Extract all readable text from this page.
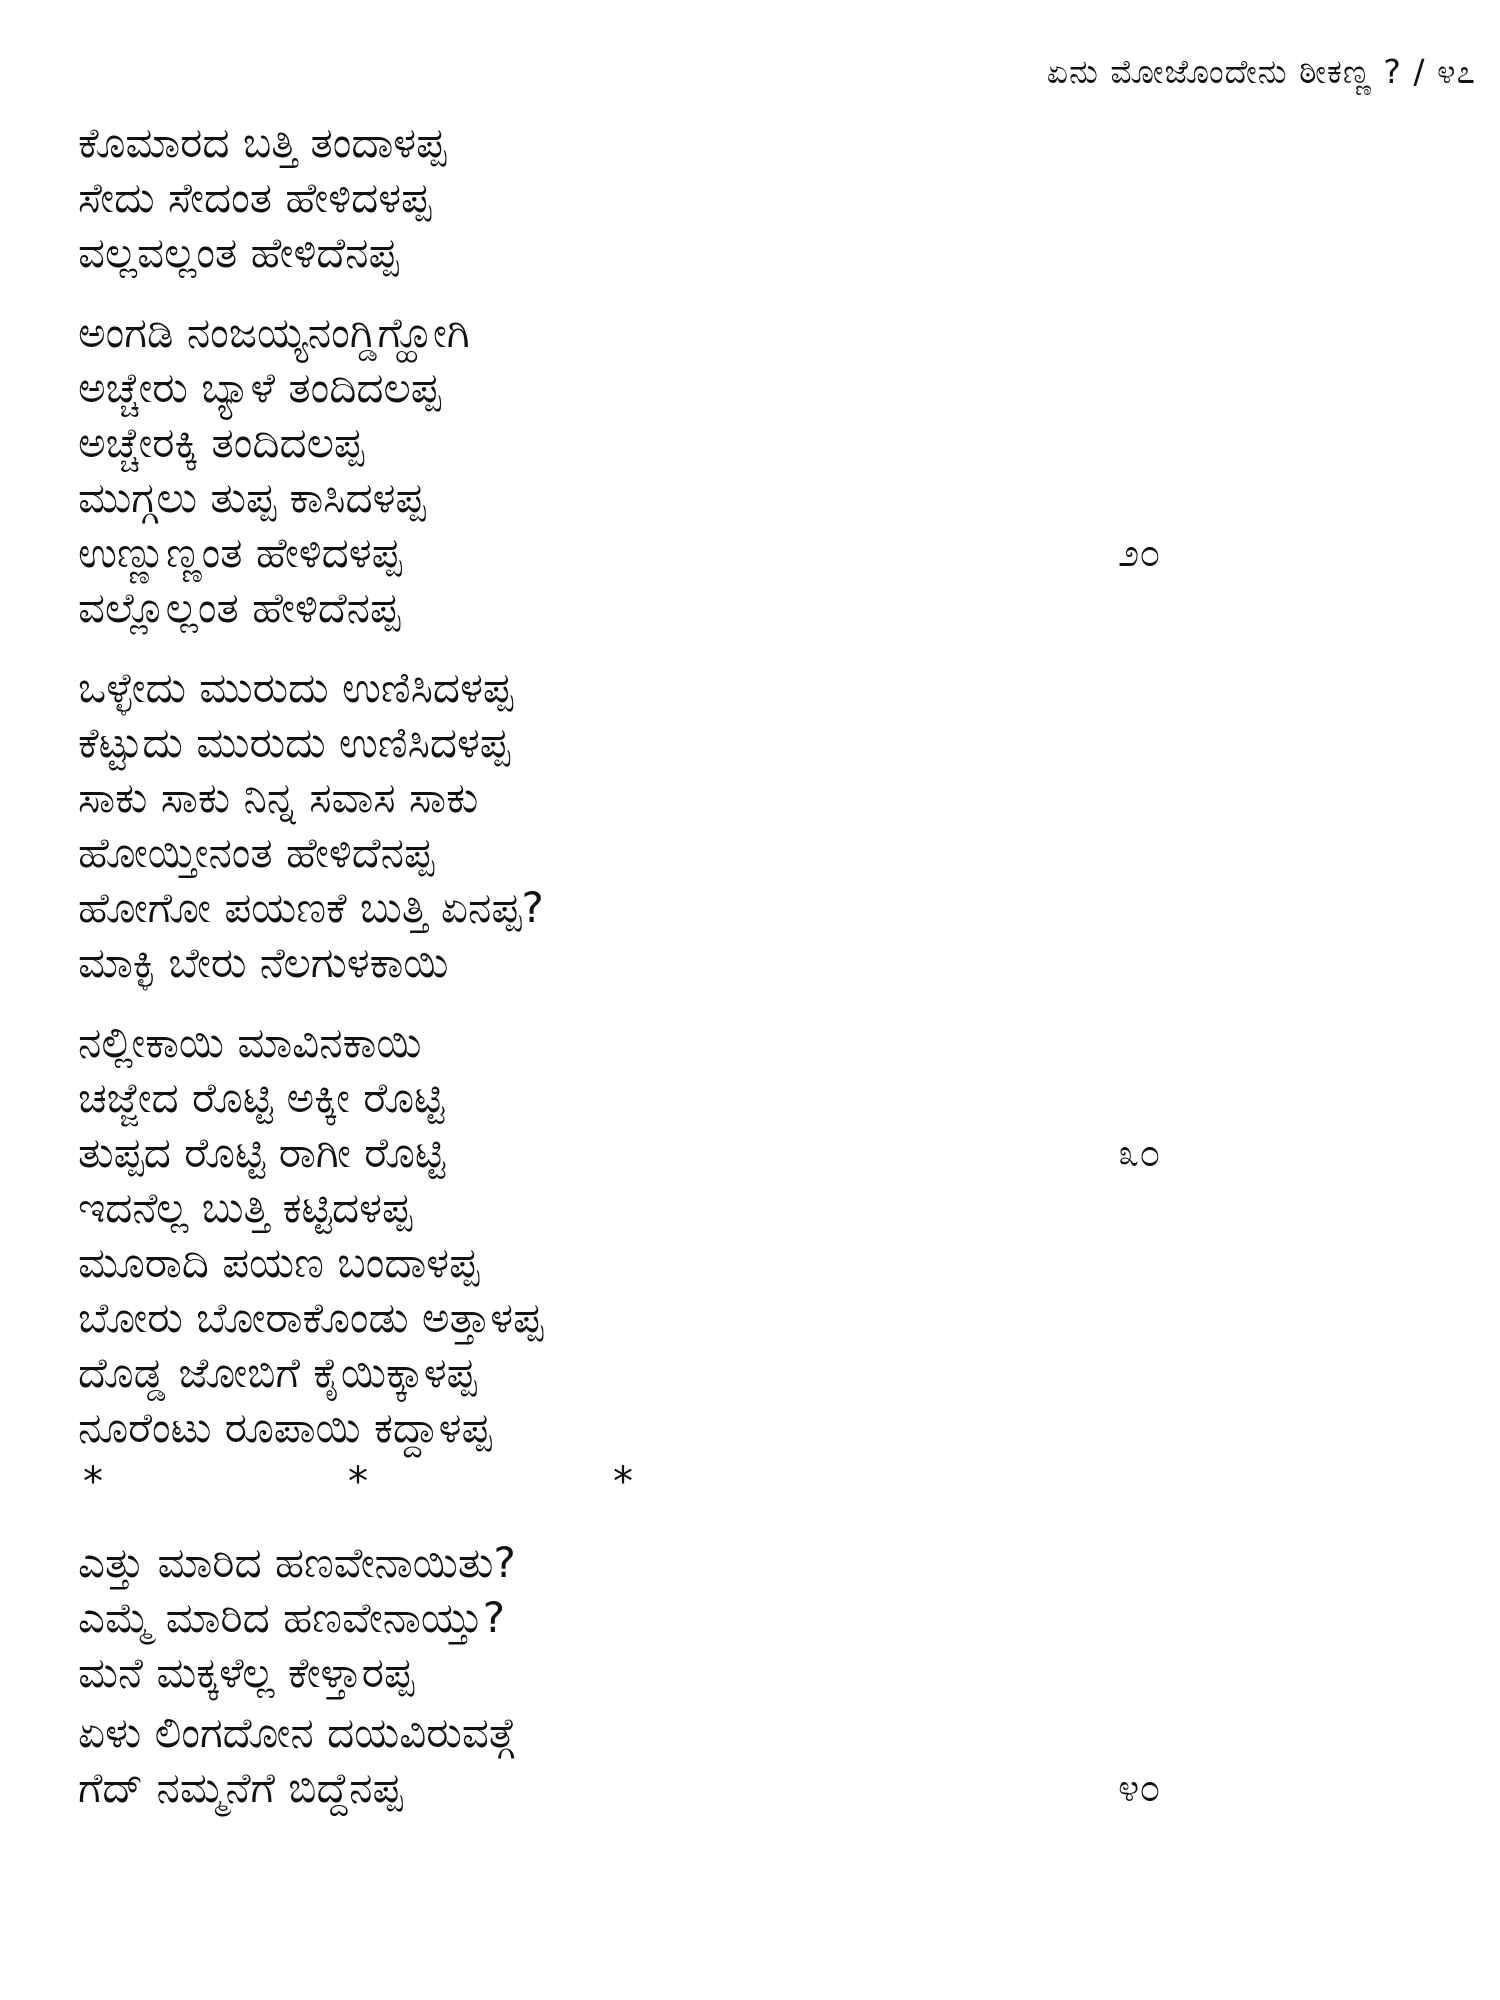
ಏನು ಮೋಜೊಂದೇನು ಠೀಕಣ್ಣ ? / ೪೭
ಕೊಮಾರದ ಬತ್ತಿ ತಂದಾಳಪ್ಪ
ಸೇದು ಸೇದಂತ ಹೇಳಿದಳಪ್ಪ
ವಲ್ಲವಲ್ಲಂತ ಹೇಳಿದೆನಪ್ಪ
ಅಂಗಡಿ ನಂಜಯ್ಯನಂಗ್ಡಿಗ್ಹೋಗಿ
ಅಚ್ಚೇರು ಬ್ಯಾಳೆ ತಂದಿದಲಪ್ಪ
ಅಚ್ಚೇರಕ್ಕಿ ತಂದಿದಲಪ್ಪ
ಮುಗ್ಗಲು ತುಪ್ಪ ಕಾಸಿದಳಪ್ಪ
ಉಣ್ಣುಣ್ಣಂತ ಹೇಳಿದಳಪ್ಪ
ವಲ್ಲೊಲ್ಲಂತ ಹೇಳಿದೆನಪ್ಪ
ಒಳ್ಳೇದು ಮುರುದು ಉಣಿಸಿದಳಪ್ಪ
ಕೆಟ್ಟುದು ಮುರುದು ಉಣಿಸಿದಳಪ್ಪ
ಸಾಕು ಸಾಕು ನಿನ್ನ ಸವಾಸ ಸಾಕು
ಹೋಯ್ತೀನಂತ ಹೇಳಿದೆನಪ್ಪ
ಹೋಗೋ ಪಯಣಕೆ ಬುತ್ತಿ ಏನಪ್ಪ?
ಮಾಕ್ಳಿ ಬೇರು ನೆಲಗುಳಕಾಯಿ
ನಲ್ಲೀಕಾಯಿ ಮಾವಿನಕಾಯಿ
ಚಜ್ಜೇದ ರೊಟ್ಟಿ ಅಕ್ಕೀ ರೊಟ್ಟಿ
ತುಪ್ಪದ ರೊಟ್ಟಿ ರಾಗೀ ರೊಟ್ಟಿ
ಇದನೆಲ್ಲ ಬುತ್ತಿ ಕಟ್ಟಿದಳಪ್ಪ
ಮೂರಾದಿ ಪಯಣ ಬಂದಾಳಪ್ಪ
ಬೋರು ಬೋರಾಕೊಂಡು ಅತ್ತಾಳಪ್ಪ
ದೊಡ್ಡ ಜೋಬಿಗೆ ಕೈಯಿಕ್ಕಾಳಪ್ಪ
ನೂರೆಂಟು ರೂಪಾಯಿ ಕದ್ದಾಳಪ್ಪ
*	*	*
ಎತ್ತು ಮಾರಿದ ಹಣವೇನಾಯಿತು?
ಎಮ್ಮೆ ಮಾರಿದ ಹಣವೇನಾಯ್ತು?
ಮನೆ ಮಕ್ಕಳೆಲ್ಲ ಕೇಳ್ತಾರಪ್ಪ
ಏಳು ಲಿಂಗದೋನ ದಯವಿರುವತ್ಗೆ
ಗೆದ್ ನಮ್ಮನೆಗೆ ಬಿದ್ದೆನಪ್ಪ
೨೦
೩೦
೪೦
